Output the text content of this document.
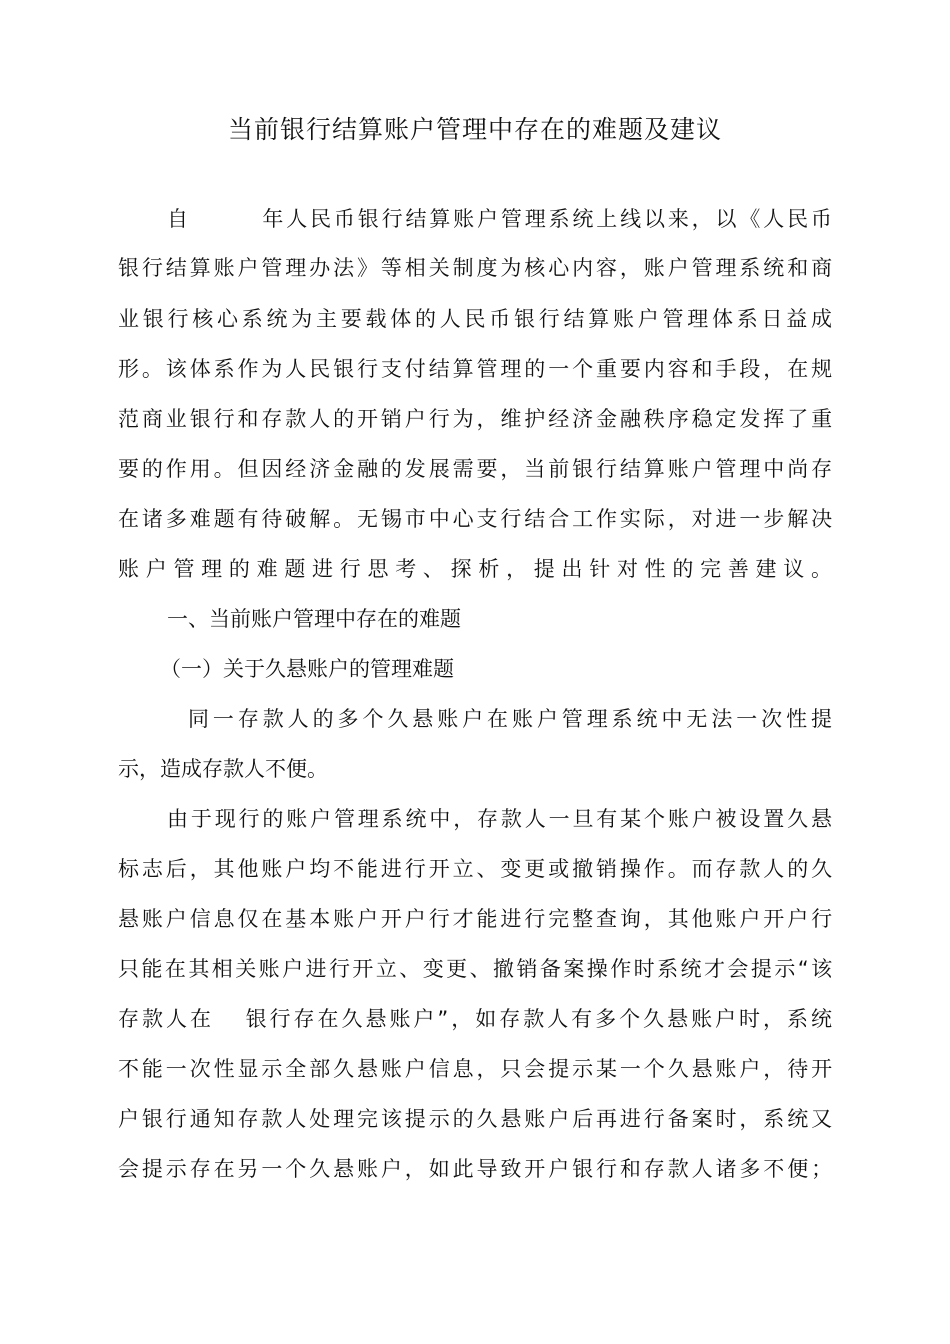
当前银行结算账户管理中存在的难题及建议
自 年人民币银行结算账户管理系统上线以来，以《人民币
银行结算账户管理办法》等相关制度为核心内容，账户管理系统和商
业银行核心系统为主要载体的人民币银行结算账户管理体系日益成
形。该体系作为人民银行支付结算管理的一个重要内容和手段，在规
范商业银行和存款人的开销户行为，维护经济金融秩序稳定发挥了重
要的作用。但因经济金融的发展需要，当前银行结算账户管理中尚存
在诸多难题有待破解。无锡市中心支行结合工作实际，对进一步解决
账户管理的难题进行思考、探析，提出针对性的完善建议。
一、当前账户管理中存在的难题
（一）关于久悬账户的管理难题
同一存款人的多个久悬账户在账户管理系统中无法一次性提
示，造成存款人不便。
由于现行的账户管理系统中，存款人一旦有某个账户被设置久悬
标志后，其他账户均不能进行开立、变更或撤销操作。而存款人的久
悬账户信息仅在基本账户开户行才能进行完整查询，其他账户开户行
只能在其相关账户进行开立、变更、撤销备案操作时系统才会提示“该
存款人在 银行存在久悬账户”，如存款人有多个久悬账户时，系统
不能一次性显示全部久悬账户信息，只会提示某一个久悬账户，待开
户银行通知存款人处理完该提示的久悬账户后再进行备案时，系统又
会提示存在另一个久悬账户，如此导致开户银行和存款人诸多不便；
